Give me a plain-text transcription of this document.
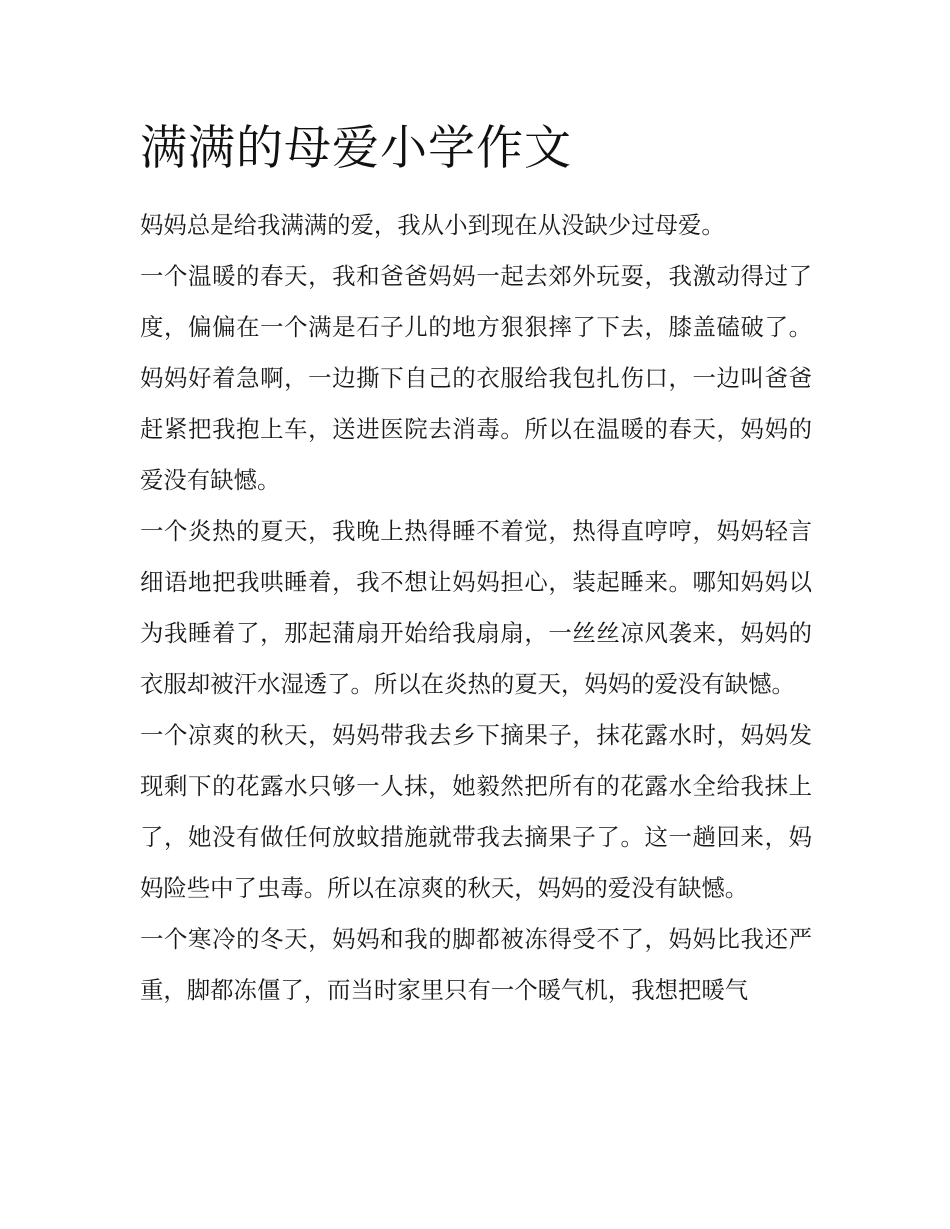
满满的母爱小学作文

妈妈总是给我满满的爱，我从小到现在从没缺少过母爱。

一个温暖的春天，我和爸爸妈妈一起去郊外玩耍，我激动得过了度，偏偏在一个满是石子儿的地方狠狠摔了下去，膝盖磕破了。妈妈好着急啊，一边撕下自己的衣服给我包扎伤口，一边叫爸爸赶紧把我抱上车，送进医院去消毒。所以在温暖的春天，妈妈的爱没有缺憾。

一个炎热的夏天，我晚上热得睡不着觉，热得直哼哼，妈妈轻言细语地把我哄睡着，我不想让妈妈担心，装起睡来。哪知妈妈以为我睡着了，那起蒲扇开始给我扇扇，一丝丝凉风袭来，妈妈的衣服却被汗水湿透了。所以在炎热的夏天，妈妈的爱没有缺憾。

一个凉爽的秋天，妈妈带我去乡下摘果子，抹花露水时，妈妈发现剩下的花露水只够一人抹，她毅然把所有的花露水全给我抹上了，她没有做任何放蚊措施就带我去摘果子了。这一趟回来，妈妈险些中了虫毒。所以在凉爽的秋天，妈妈的爱没有缺憾。

一个寒冷的冬天，妈妈和我的脚都被冻得受不了，妈妈比我还严重，脚都冻僵了，而当时家里只有一个暖气机，我想把暖气
